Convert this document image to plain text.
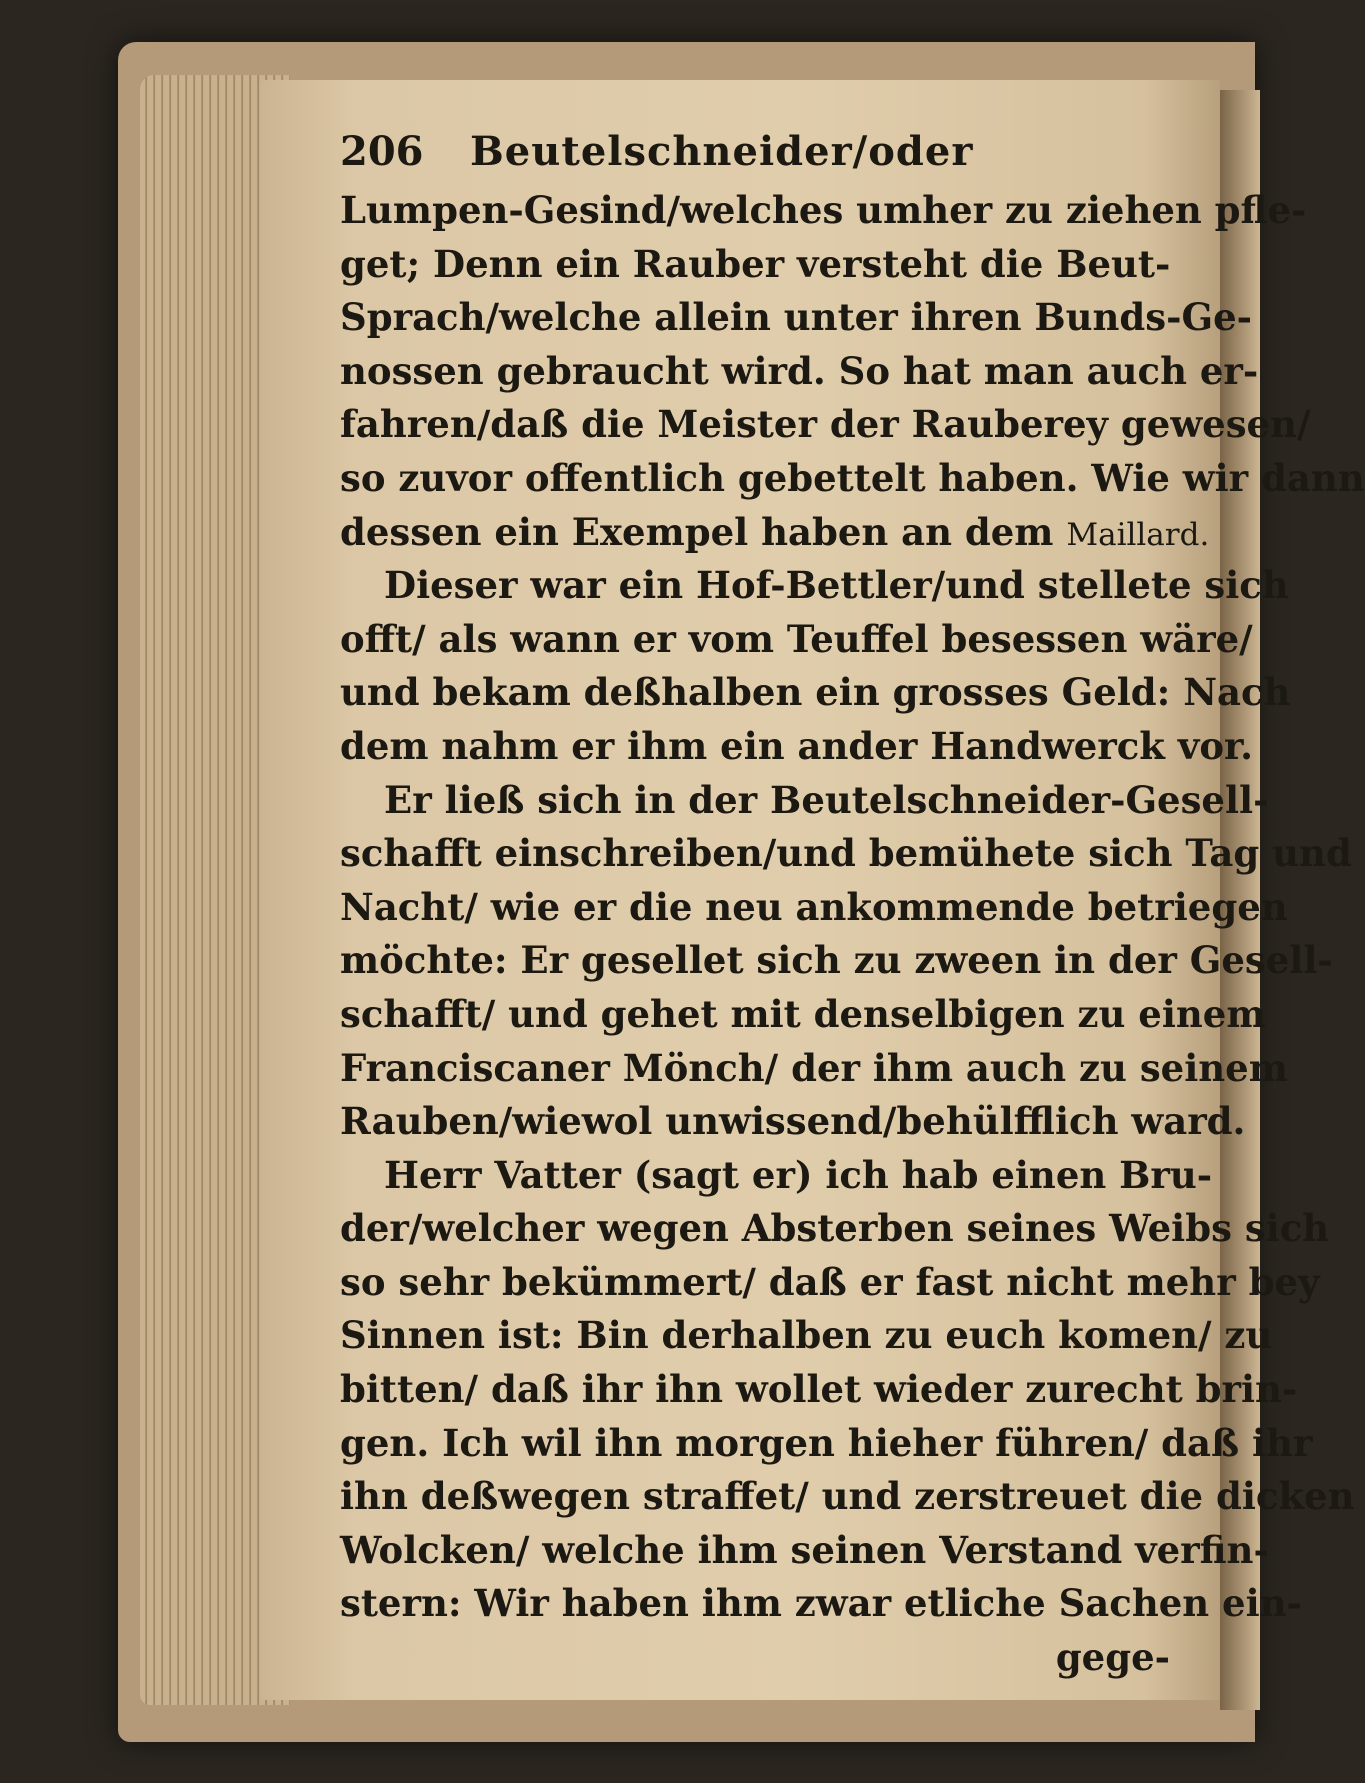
206	Beutelschneider/oder
Lumpen-Gesind/welches umher zu ziehen pfle-
get; Denn ein Rauber versteht die Beut-
Sprach/welche allein unter ihren Bunds-Ge-
nossen gebraucht wird. So hat man auch er-
fahren/daß die Meister der Rauberey gewesen/
so zuvor offentlich gebettelt haben. Wie wir dann
dessen ein Exempel haben an dem Maillard.
Dieser war ein Hof-Bettler/und stellete sich
offt/ als wann er vom Teuffel besessen wäre/
und bekam deßhalben ein grosses Geld: Nach
dem nahm er ihm ein ander Handwerck vor.
Er ließ sich in der Beutelschneider-Gesell-
schafft einschreiben/und bemühete sich Tag und
Nacht/ wie er die neu ankommende betriegen
möchte: Er gesellet sich zu zween in der Gesell-
schafft/ und gehet mit denselbigen zu einem
Franciscaner Mönch/ der ihm auch zu seinem
Rauben/wiewol unwissend/behülfflich ward.
Herr Vatter (sagt er) ich hab einen Bru-
der/welcher wegen Absterben seines Weibs sich
so sehr bekümmert/ daß er fast nicht mehr bey
Sinnen ist: Bin derhalben zu euch komen/ zu
bitten/ daß ihr ihn wollet wieder zurecht brin-
gen. Ich wil ihn morgen hieher führen/ daß ihr
ihn deßwegen straffet/ und zerstreuet die dicken
Wolcken/ welche ihm seinen Verstand verfin-
stern: Wir haben ihm zwar etliche Sachen ein-
gege-
